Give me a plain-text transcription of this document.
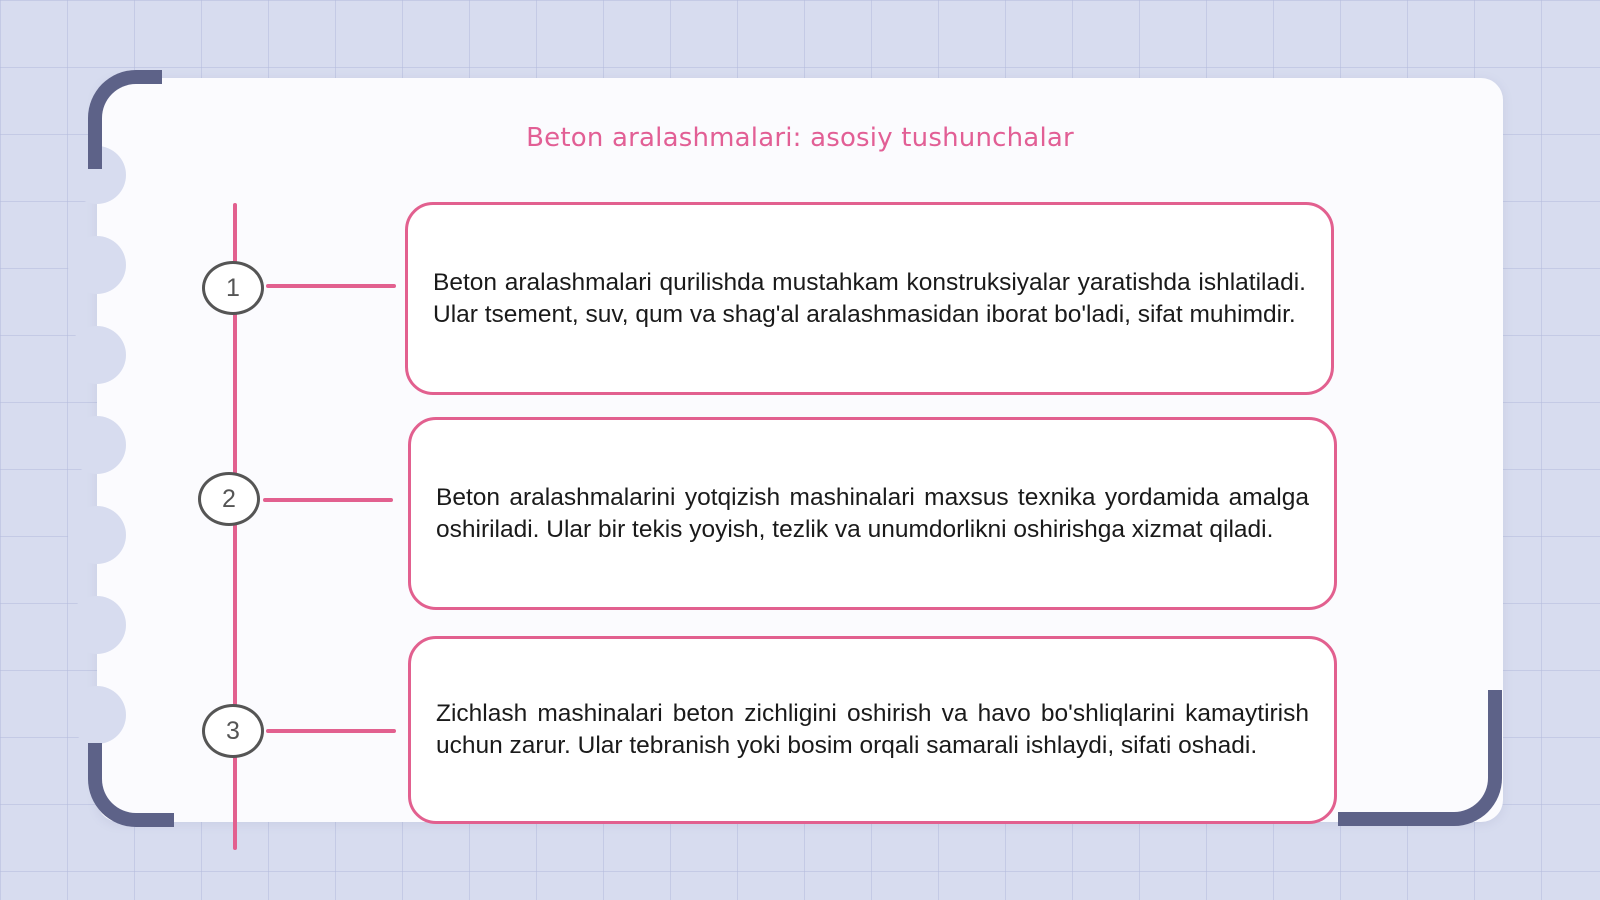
Beton aralashmalari: asosiy tushunchalar
1
2
3
Beton aralashmalari qurilishda mustahkam konstruksiyalar yaratishda ishlatiladi. Ular tsement, suv, qum va shag'al aralashmasidan iborat bo'ladi, sifat muhimdir.
Beton aralashmalarini yotqizish mashinalari maxsus texnika yordamida amalga oshiriladi. Ular bir tekis yoyish, tezlik va unumdorlikni oshirishga xizmat qiladi.
Zichlash mashinalari beton zichligini oshirish va havo bo'shliqlarini kamaytirish uchun zarur. Ular tebranish yoki bosim orqali samarali ishlaydi, sifati oshadi.
